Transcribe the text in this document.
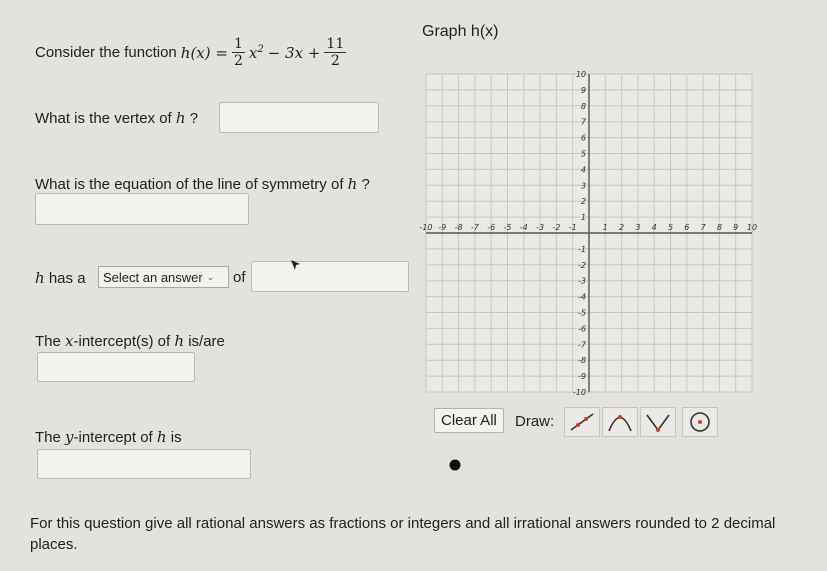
Consider the function $h(x) = \frac{1}{2} x^2 - 3x + \frac{11}{2}$
What is the vertex of h ?
What is the equation of the line of symmetry of h ?
h has a Select an answer ⌄ of
The x-intercept(s) of h is/are
The y-intercept of h is
Graph h(x)
-10 -9 -8 -7 -6 -5 -4 -3 -2 -1	1 2 3 4 5 6 7 8 9 10
10
9
8
7
6
5
4
3
2
1
-1
-2
-3
-4
-5
-6
-7
-8
-9
-10
Clear All	Draw:
For this question give all rational answers as fractions or integers and all irrational answers rounded to 2 decimal places.
